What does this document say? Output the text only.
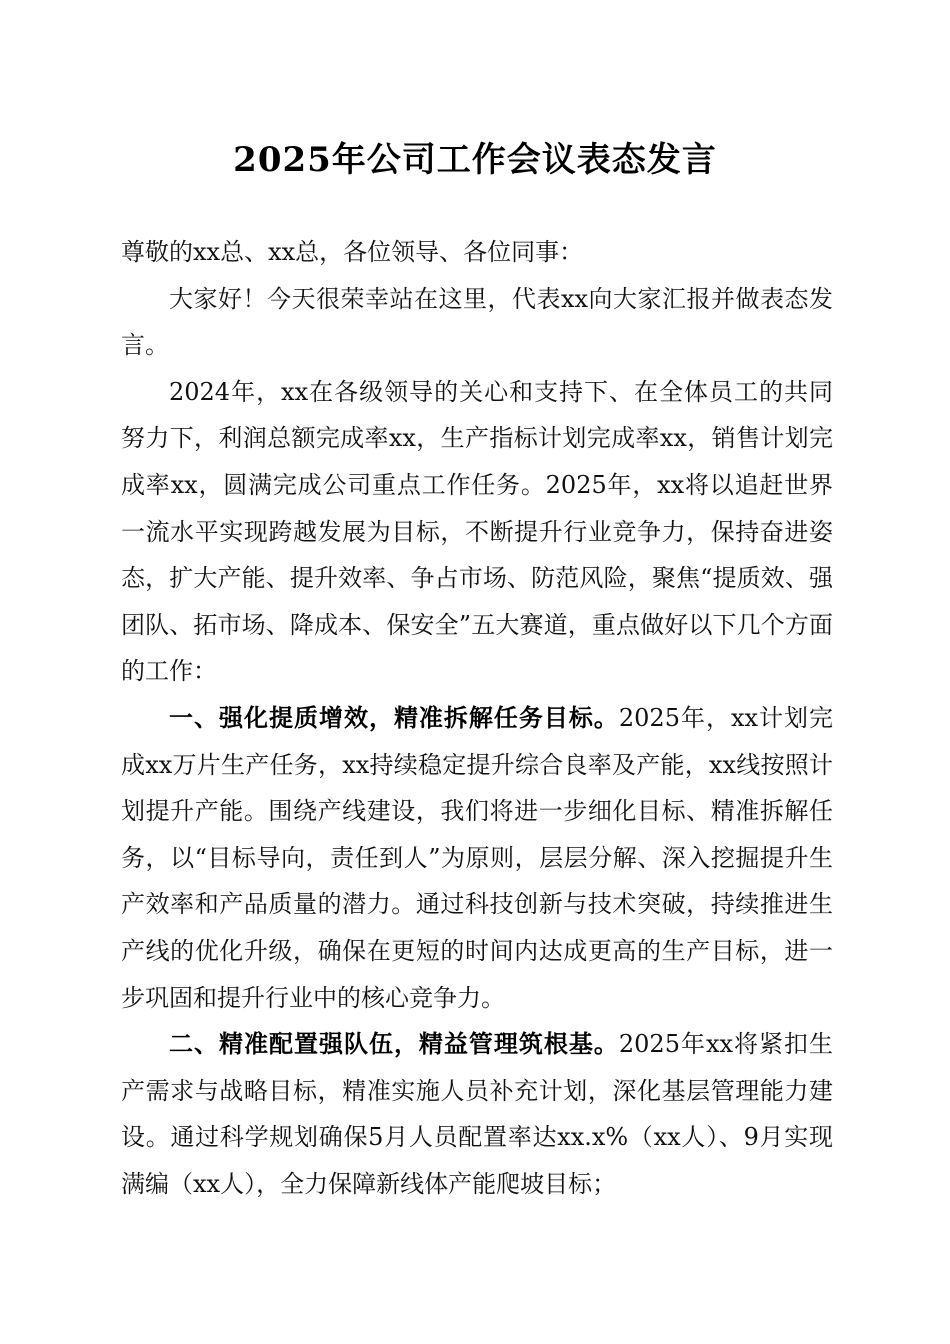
2025年公司工作会议表态发言

尊敬的xx总、xx总，各位领导、各位同事：

大家好！今天很荣幸站在这里，代表xx向大家汇报并做表态发言。

2024年，xx在各级领导的关心和支持下、在全体员工的共同努力下，利润总额完成率xx，生产指标计划完成率xx，销售计划完成率xx，圆满完成公司重点工作任务。2025年，xx将以追赶世界一流水平实现跨越发展为目标，不断提升行业竞争力，保持奋进姿态，扩大产能、提升效率、争占市场、防范风险，聚焦“提质效、强团队、拓市场、降成本、保安全”五大赛道，重点做好以下几个方面的工作：

一、强化提质增效，精准拆解任务目标。2025年，xx计划完成xx万片生产任务，xx持续稳定提升综合良率及产能，xx线按照计划提升产能。围绕产线建设，我们将进一步细化目标、精准拆解任务，以“目标导向，责任到人”为原则，层层分解、深入挖掘提升生产效率和产品质量的潜力。通过科技创新与技术突破，持续推进生产线的优化升级，确保在更短的时间内达成更高的生产目标，进一步巩固和提升行业中的核心竞争力。

二、精准配置强队伍，精益管理筑根基。2025年xx将紧扣生产需求与战略目标，精准实施人员补充计划，深化基层管理能力建设。通过科学规划确保5月人员配置率达xx.x%（xx人）、9月实现满编（xx人），全力保障新线体产能爬坡目标；
